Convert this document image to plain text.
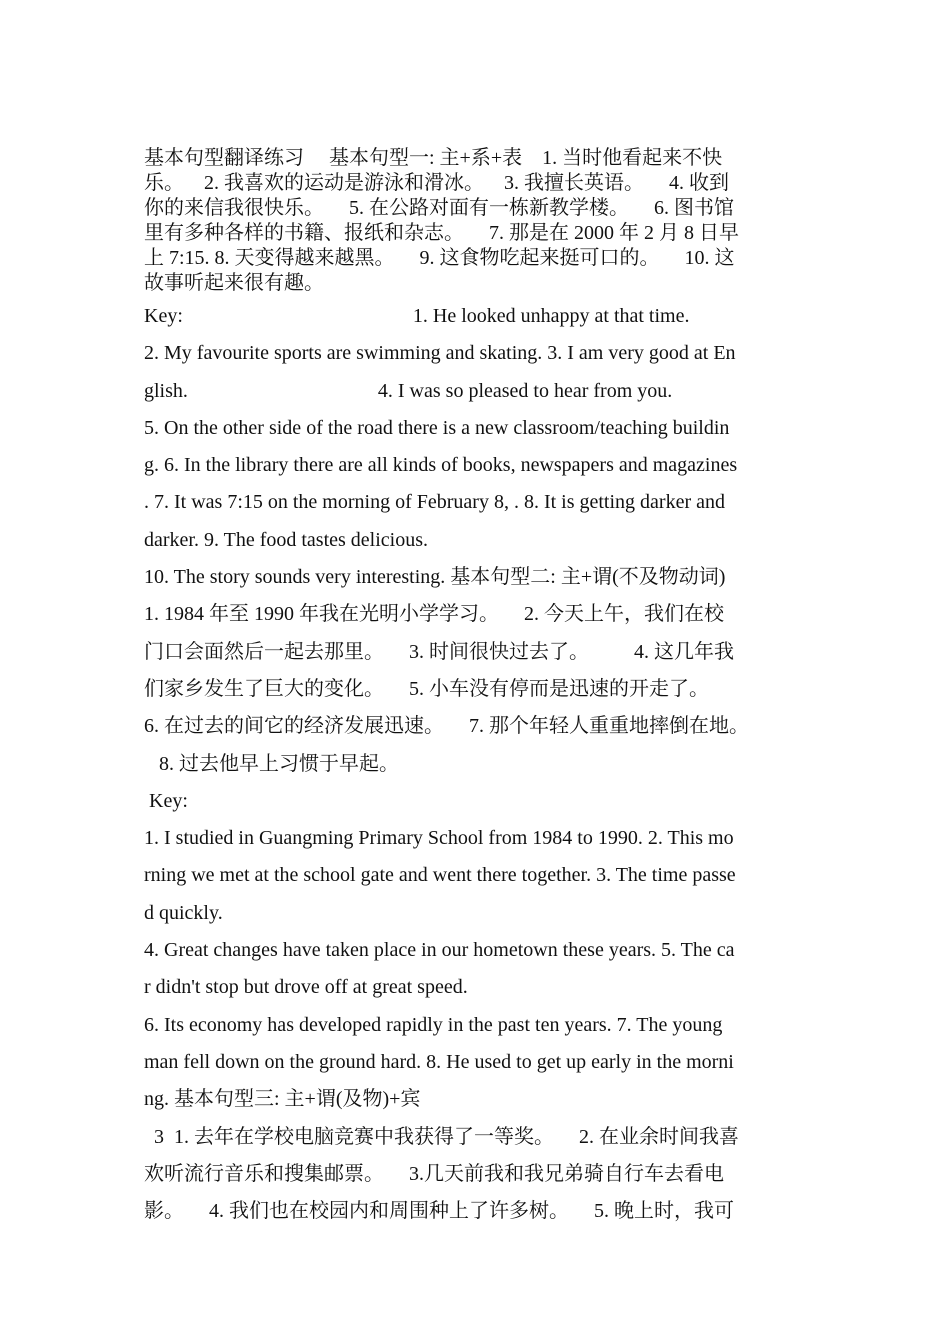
基本句型翻译练习     基本句型一: 主+系+表    1. 当时他看起来不快
乐。    2. 我喜欢的运动是游泳和滑冰。    3. 我擅长英语。     4. 收到
你的来信我很快乐。     5. 在公路对面有一栋新教学楼。     6. 图书馆
里有多种各样的书籍、报纸和杂志。     7. 那是在 2000 年 2 月 8 日早
上 7:15. 8. 天变得越来越黑。     9. 这食物吃起来挺可口的。     10. 这
故事听起来很有趣。
Key:                                              1. He looked unhappy at that time.
2. My favourite sports are swimming and skating. 3. I am very good at En
glish.                                      4. I was so pleased to hear from you.
5. On the other side of the road there is a new classroom/teaching buildin
g. 6. In the library there are all kinds of books, newspapers and magazines
. 7. It was 7:15 on the morning of February 8, . 8. It is getting darker and
darker. 9. The food tastes delicious.
10. The story sounds very interesting. 基本句型二: 主+谓(不及物动词)
1. 1984 年至 1990 年我在光明小学学习。     2. 今天上午，我们在校
门口会面然后一起去那里。     3. 时间很快过去了。         4. 这几年我
们家乡发生了巨大的变化。     5. 小车没有停而是迅速的开走了。
6. 在过去的间它的经济发展迅速。     7. 那个年轻人重重地摔倒在地。
8. 过去他早上习惯于早起。
Key:
1. I studied in Guangming Primary School from 1984 to 1990. 2. This mo
rning we met at the school gate and went there together. 3. The time passe
d quickly.
4. Great changes have taken place in our hometown these years. 5. The ca
r didn't stop but drove off at great speed.
6. Its economy has developed rapidly in the past ten years. 7. The young
man fell down on the ground hard. 8. He used to get up early in the morni
ng. 基本句型三: 主+谓(及物)+宾
3  1. 去年在学校电脑竞赛中我获得了一等奖。     2. 在业余时间我喜
欢听流行音乐和搜集邮票。     3.几天前我和我兄弟骑自行车去看电
影。     4. 我们也在校园内和周围种上了许多树。     5. 晚上时，我可
